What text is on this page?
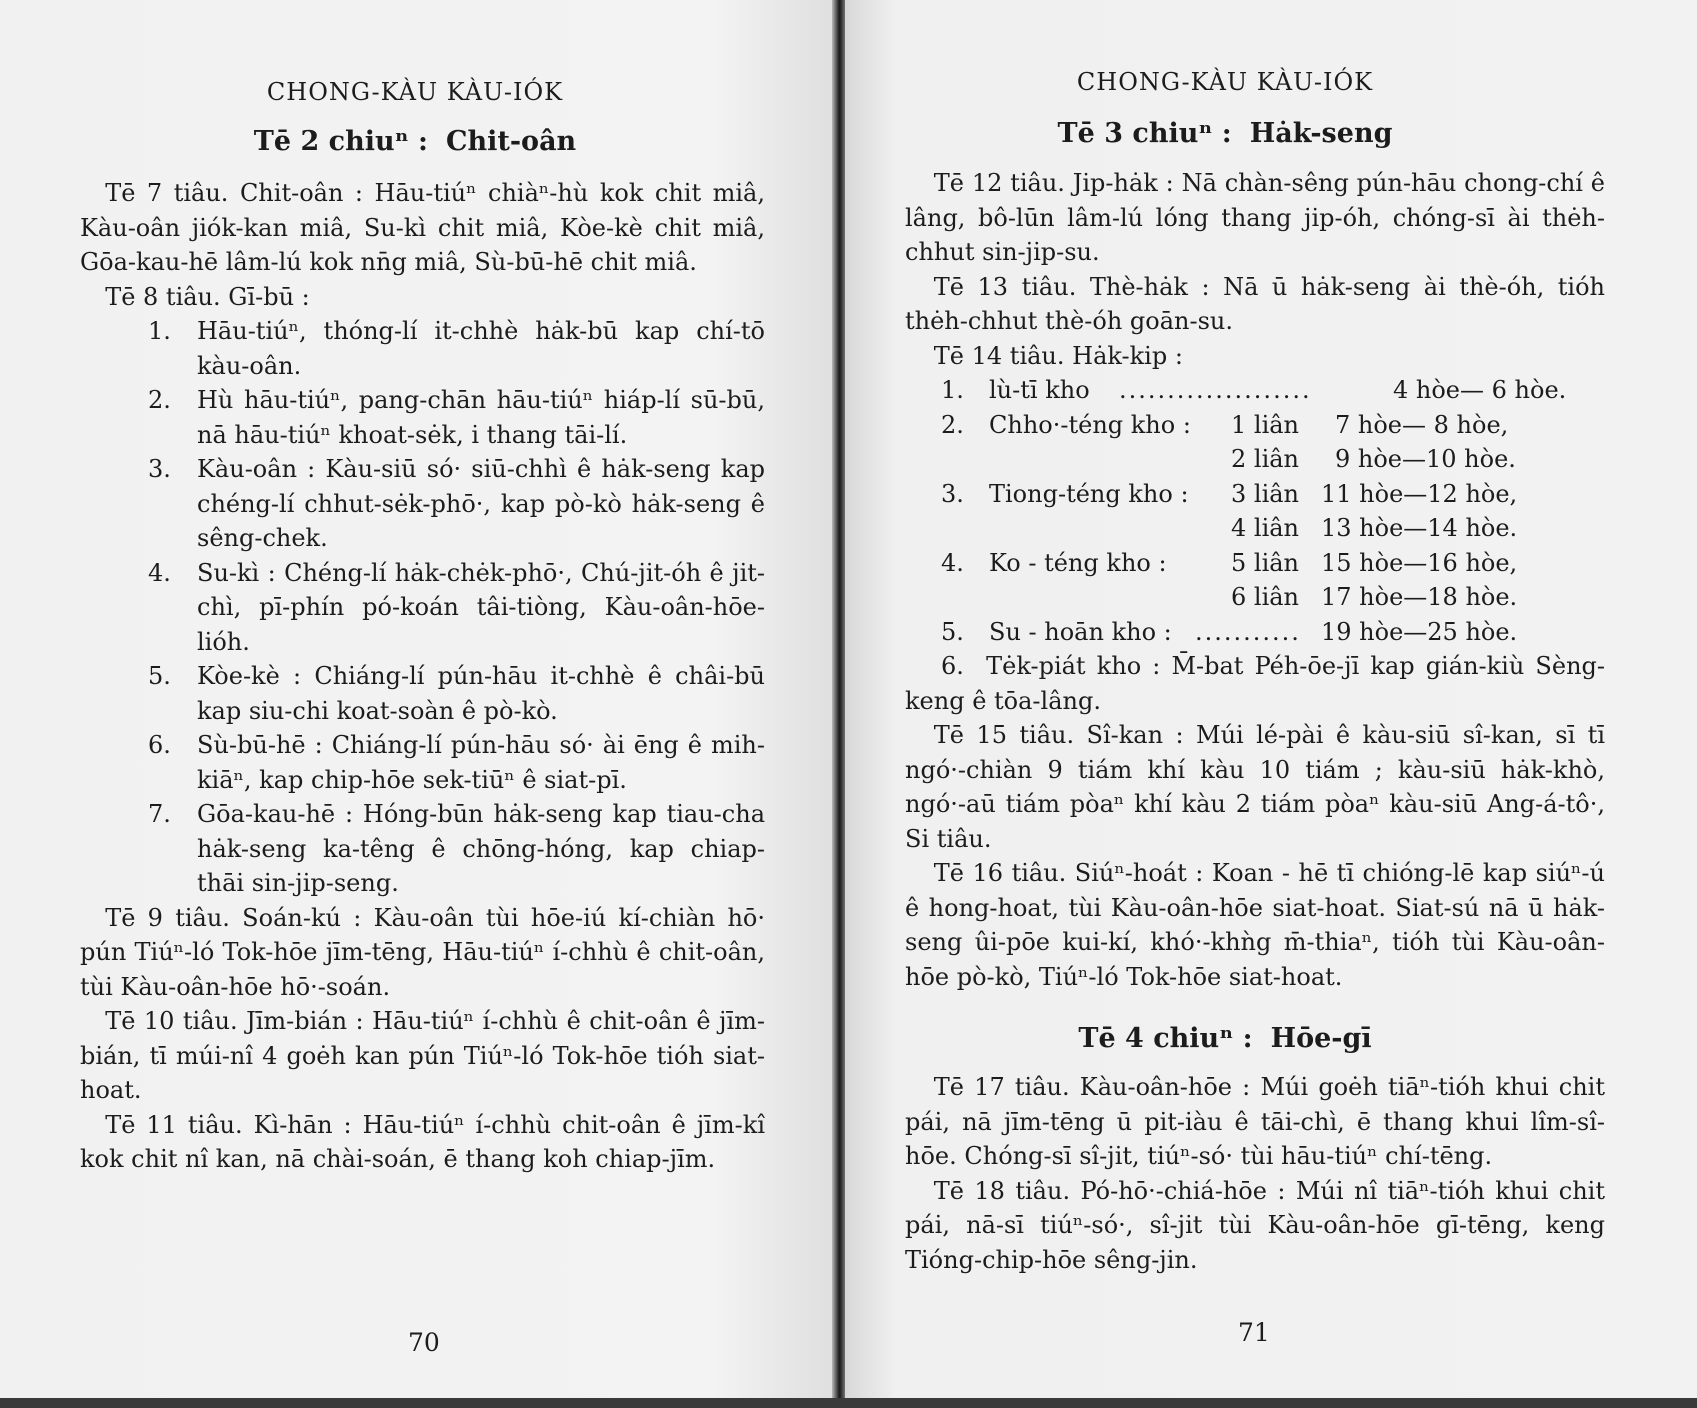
CHONG-KÀU KÀU-IÓK
Tē 2 chiuⁿ : Chit-oân

Tē 7 tiâu. Chit-oân : Hāu-tiúⁿ chiàⁿ-hù kok chit miâ, Kàu-oân jiók-kan miâ, Su-kì chit miâ, Kòe-kè chit miâ, Gōa-kau-hē lâm-lú kok nn̄g miâ, Sù-bū-hē chit miâ.

Tē 8 tiâu. Gī-bū :

1. Hāu-tiúⁿ, thóng-lí it-chhè hȧk-bū kap chí-tō kàu-oân.
2. Hù hāu-tiúⁿ, pang-chān hāu-tiúⁿ hiáp-lí sū-bū, nā hāu-tiúⁿ khoat-sėk, i thang tāi-lí.
3. Kàu-oân : Kàu-siū só· siū-chhì ê hȧk-seng kap chéng-lí chhut-sėk-phō·, kap pò-kò hȧk-seng ê sêng-chek.
4. Su-kì : Chéng-lí hȧk-chėk-phō·, Chú-jit-óh ê jit-chì, pī-phín pó-koán tâi-tiòng, Kàu-oân-hōe-lióh.
5. Kòe-kè : Chiáng-lí pún-hāu it-chhè ê châi-bū kap siu-chi koat-soàn ê pò-kò.
6. Sù-bū-hē : Chiáng-lí pún-hāu só· ài ēng ê mih-kiāⁿ, kap chip-hōe sek-tiūⁿ ê siat-pī.
7. Gōa-kau-hē : Hóng-būn hȧk-seng kap tiau-cha hȧk-seng ka-têng ê chōng-hóng, kap chiap-thāi sin-jip-seng.

Tē 9 tiâu. Soán-kú : Kàu-oân tùi hōe-iú kí-chiàn hō· pún Tiúⁿ-ló Tok-hōe jīm-tēng, Hāu-tiúⁿ í-chhù ê chit-oân, tùi Kàu-oân-hōe hō·-soán.

Tē 10 tiâu. Jīm-bián : Hāu-tiúⁿ í-chhù ê chit-oân ê jīm-bián, tī múi-nî 4 goėh kan pún Tiúⁿ-ló Tok-hōe tióh siat-hoat.

Tē 11 tiâu. Kì-hān : Hāu-tiúⁿ í-chhù chit-oân ê jīm-kî kok chit nî kan, nā chài-soán, ē thang koh chiap-jīm.

70
CHONG-KÀU KÀU-IÓK
Tē 3 chiuⁿ : Hȧk-seng

Tē 12 tiâu. Jip-hȧk : Nā chàn-sêng pún-hāu chong-chí ê lâng, bô-lūn lâm-lú lóng thang jip-óh, chóng-sī ài thėh-chhut sin-jip-su.

Tē 13 tiâu. Thè-hȧk : Nā ū hȧk-seng ài thè-óh, tióh thėh-chhut thè-óh goān-su.

Tē 14 tiâu. Hȧk-kip :

1. lù-tī kho ....................	4 hòe— 6 hòe.
2. Chho·-téng kho : 1 liân 7 hòe— 8 hòe,
2 liân 9 hòe—10 hòe.
3. Tiong-téng kho : 3 liân 11 hòe—12 hòe,
4 liân 13 hòe—14 hòe.
4. Ko - téng kho :	5 liân 15 hòe—16 hòe,
6 liân 17 hòe—18 hòe.
5. Su - hoān kho : ........... 19 hòe—25 hòe.
6. Tėk-piát kho : M̄-bat Péh-ōe-jī kap gián-kiù Sèng-keng ê tōa-lâng.

Tē 15 tiâu. Sî-kan : Múi lé-pài ê kàu-siū sî-kan, sī tī ngó·-chiàn 9 tiám khí kàu 10 tiám ; kàu-siū hȧk-khò, ngó·-aū tiám pòaⁿ khí kàu 2 tiám pòaⁿ kàu-siū Ang-á-tô·, Si tiâu.

Tē 16 tiâu. Siúⁿ-hoát : Koan - hē tī chióng-lē kap siúⁿ-ú ê hong-hoat, tùi Kàu-oân-hōe siat-hoat. Siat-sú nā ū hȧk-seng ûi-pōe kui-kí, khó·-khǹg m̄-thiaⁿ, tióh tùi Kàu-oân-hōe pò-kò, Tiúⁿ-ló Tok-hōe siat-hoat.

Tē 4 chiuⁿ : Hōe-gī

Tē 17 tiâu. Kàu-oân-hōe : Múi goėh tiāⁿ-tióh khui chit pái, nā jīm-tēng ū pit-iàu ê tāi-chì, ē thang khui lîm-sî-hōe. Chóng-sī sî-jit, tiúⁿ-só· tùi hāu-tiúⁿ chí-tēng.

Tē 18 tiâu. Pó-hō·-chiá-hōe : Múi nî tiāⁿ-tióh khui chit pái, nā-sī tiúⁿ-só·, sî-jit tùi Kàu-oân-hōe gī-tēng, keng Tióng-chip-hōe sêng-jin.

71
